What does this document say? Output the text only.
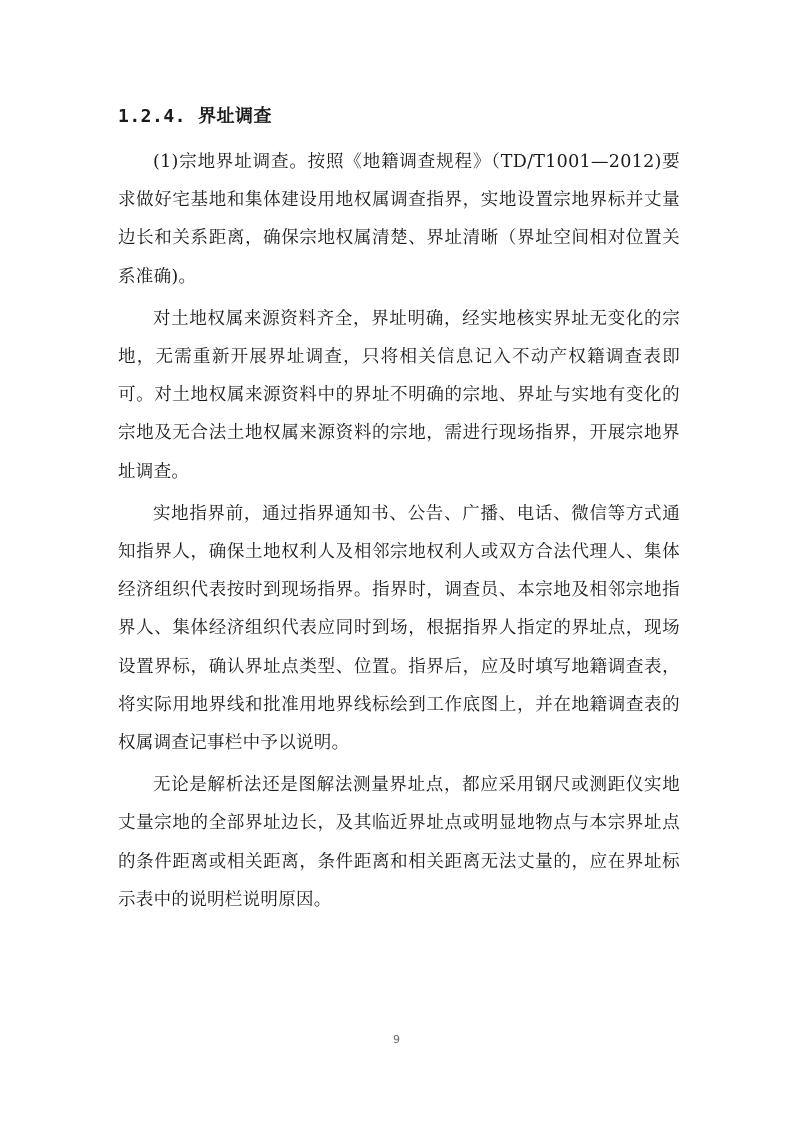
1.2.4. 界址调查

(1)宗地界址调查。按照《地籍调查规程》（TD/T1001—2012)要求做好宅基地和集体建设用地权属调查指界，实地设置宗地界标并丈量边长和关系距离，确保宗地权属清楚、界址清晰（界址空间相对位置关系准确)。

对土地权属来源资料齐全，界址明确，经实地核实界址无变化的宗地，无需重新开展界址调查，只将相关信息记入不动产权籍调查表即可。对土地权属来源资料中的界址不明确的宗地、界址与实地有变化的宗地及无合法土地权属来源资料的宗地，需进行现场指界，开展宗地界址调查。

实地指界前，通过指界通知书、公告、广播、电话、微信等方式通知指界人，确保土地权利人及相邻宗地权利人或双方合法代理人、集体经济组织代表按时到现场指界。指界时，调查员、本宗地及相邻宗地指界人、集体经济组织代表应同时到场，根据指界人指定的界址点，现场设置界标，确认界址点类型、位置。指界后，应及时填写地籍调查表，将实际用地界线和批准用地界线标绘到工作底图上，并在地籍调查表的权属调查记事栏中予以说明。

无论是解析法还是图解法测量界址点，都应采用钢尺或测距仪实地丈量宗地的全部界址边长，及其临近界址点或明显地物点与本宗界址点的条件距离或相关距离，条件距离和相关距离无法丈量的，应在界址标示表中的说明栏说明原因。

9
